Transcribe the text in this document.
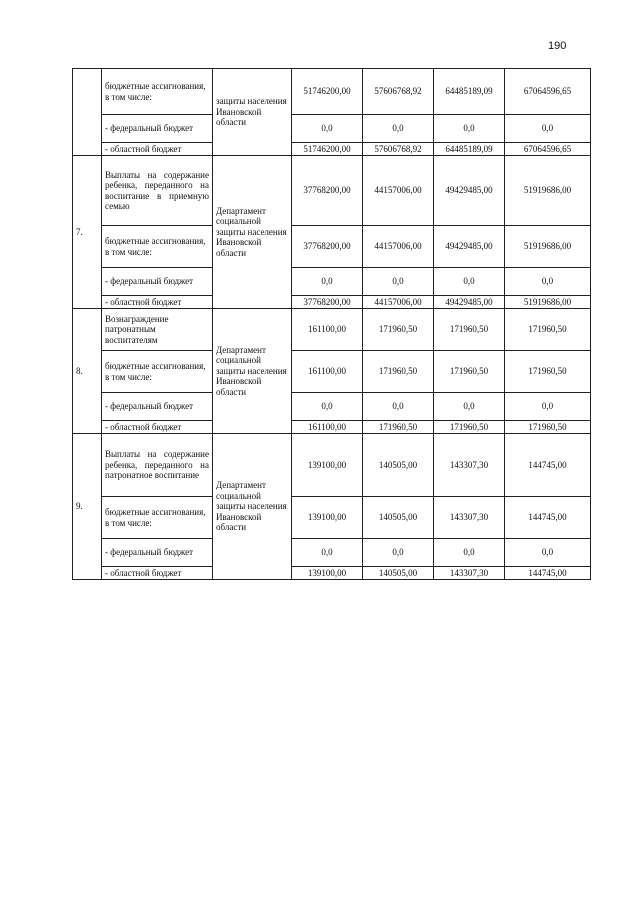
190
	бюджетные ассигнования, в том числе:	защиты населения Ивановской области	51746200,00	57606768,92	64485189,09	67064596,65
	- федеральный бюджет		0,0	0,0	0,0	0,0
	- областной бюджет		51746200,00	57606768,92	64485189,09	67064596,65
7.	Выплаты на содержание ребенка, переданного на воспитание в приемную семью	Департамент социальной защиты населения Ивановской области	37768200,00	44157006,00	49429485,00	51919686,00
	бюджетные ассигнования, в том числе:		37768200,00	44157006,00	49429485,00	51919686,00
	- федеральный бюджет		0,0	0,0	0,0	0,0
	- областной бюджет		37768200,00	44157006,00	49429485,00	51919686,00
8.	Вознаграждение патронатным воспитателям	Департамент социальной защиты населения Ивановской области	161100,00	171960,50	171960,50	171960,50
	бюджетные ассигнования, в том числе:		161100,00	171960,50	171960,50	171960,50
	- федеральный бюджет		0,0	0,0	0,0	0,0
	- областной бюджет		161100,00	171960,50	171960,50	171960,50
9.	Выплаты на содержание ребенка, переданного на патронатное воспитание	Департамент социальной защиты населения Ивановской области	139100,00	140505,00	143307,30	144745,00
	бюджетные ассигнования, в том числе:		139100,00	140505,00	143307,30	144745,00
	- федеральный бюджет		0,0	0,0	0,0	0,0
	- областной бюджет		139100,00	140505,00	143307,30	144745,00
